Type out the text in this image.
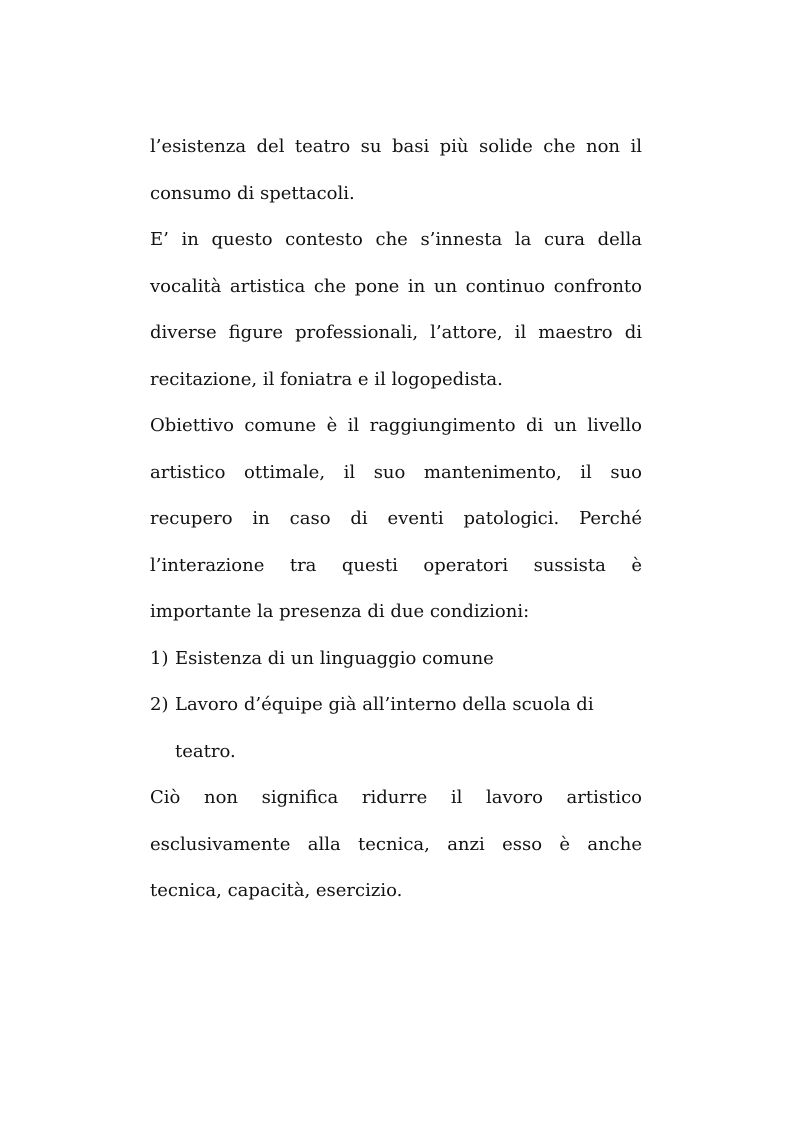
l’esistenza del teatro su basi più solide che non il consumo di spettacoli.

E’ in questo contesto che s’innesta la cura della vocalità artistica che pone in un continuo confronto diverse figure professionali, l’attore, il maestro di recitazione, il foniatra e il logopedista.

Obiettivo comune è il raggiungimento di un livello artistico ottimale, il suo mantenimento, il suo recupero in caso di eventi patologici. Perché l’interazione tra questi operatori sussista è importante la presenza di due condizioni:

1) Esistenza di un linguaggio comune
2) Lavoro d’équipe già all’interno della scuola di teatro.

Ciò non significa ridurre il lavoro artistico esclusivamente alla tecnica, anzi esso è anche tecnica, capacità, esercizio.
